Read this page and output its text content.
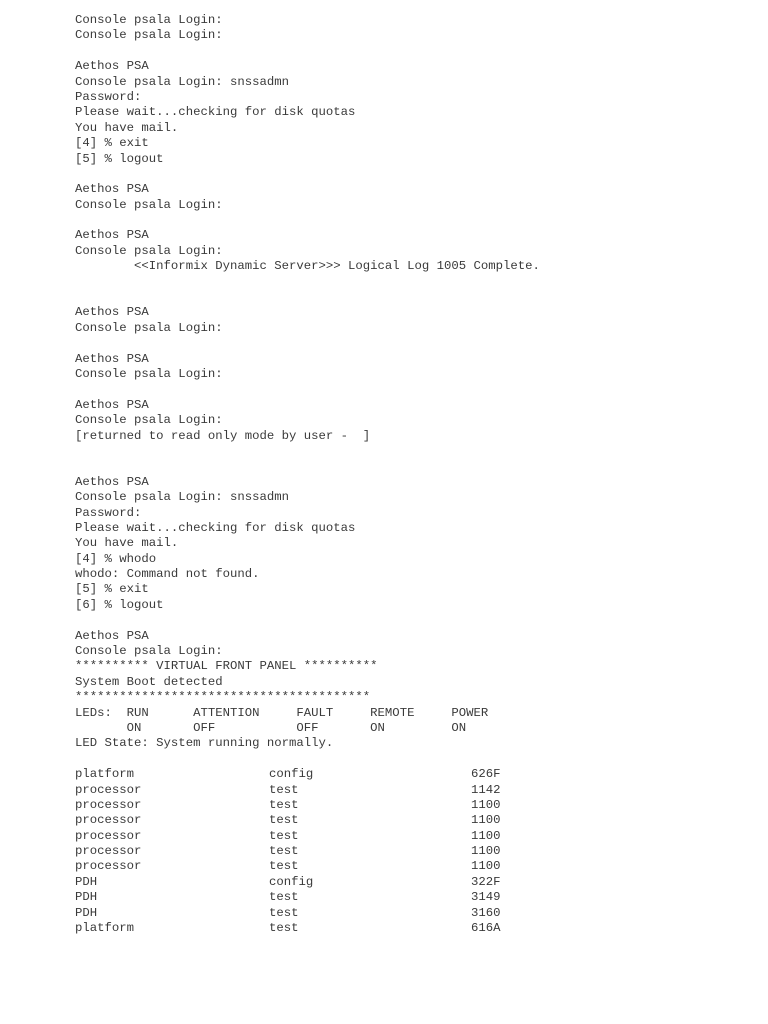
Console psala Login:
Console psala Login:
Aethos PSA
Console psala Login: snssadmn
Password:
Please wait...checking for disk quotas
You have mail.
[4] % exit
[5] % logout
Aethos PSA
Console psala Login:
Aethos PSA
Console psala Login:
<<Informix Dynamic Server>>> Logical Log 1005 Complete.
Aethos PSA
Console psala Login:
Aethos PSA
Console psala Login:
Aethos PSA
Console psala Login:
[returned to read only mode by user -  ]
Aethos PSA
Console psala Login: snssadmn
Password:
Please wait...checking for disk quotas
You have mail.
[4] % whodo
whodo: Command not found.
[5] % exit
[6] % logout
Aethos PSA
Console psala Login:
********** VIRTUAL FRONT PANEL **********
System Boot detected
****************************************
LEDs:  RUN      ATTENTION     FAULT     REMOTE     POWER
ON       OFF           OFF       ON         ON
LED State: System running normally.
platform	config	626F
processor	test	1142
processor	test	1100
processor	test	1100
processor	test	1100
processor	test	1100
processor	test	1100
PDH	config	322F
PDH	test	3149
PDH	test	3160
platform	test	616A
